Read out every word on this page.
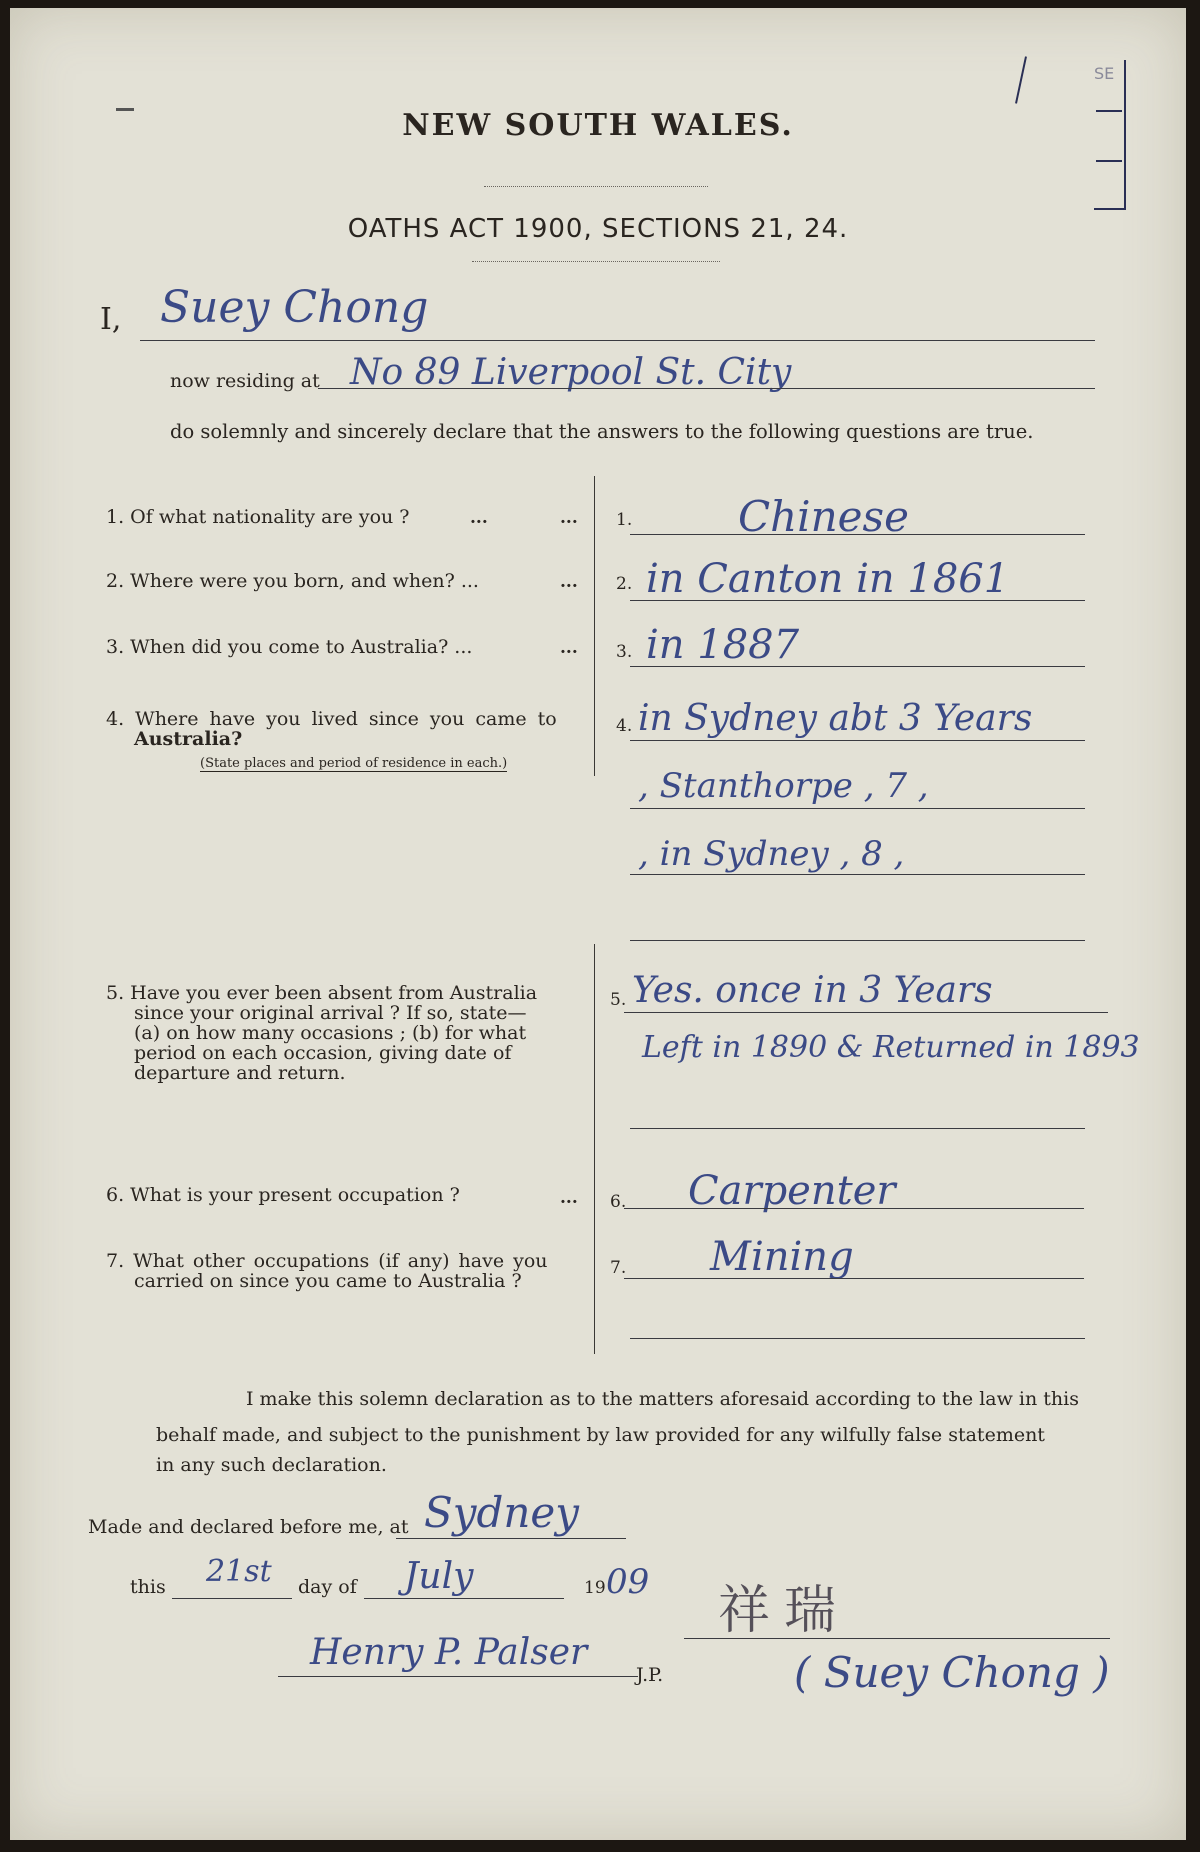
NEW SOUTH WALES.
OATHS ACT 1900, SECTIONS 21, 24.
SE
I, Suey Chong
now residing at No 89 Liverpool St. City
do solemnly and sincerely declare that the answers to the following questions are true.
1. Of what nationality are you ?	...	... 1.	Chinese
2. Where were you born, and when? ...	... 2. in Canton in 1861
3. When did you come to Australia? ...	... 3. in 1887
4. Where have you lived since you came to
Australia?
(State places and period of residence in each.)
4. in Sydney abt 3 Years
, Stanthorpe , 7 ,
, in Sydney , 8 ,
5. Have you ever been absent from Australia
since your original arrival ? If so, state—
(a) on how many occasions ; (b) for what
period on each occasion, giving date of
departure and return.
5. Yes. once in 3 Years
Left in 1890 & Returned in 1893
6. What is your present occupation ?	... 6. Carpenter
7. What other occupations (if any) have you
carried on since you came to Australia ?
7. Mining
I make this solemn declaration as to the matters aforesaid according to the law in this
behalf made, and subject to the punishment by law provided for any wilfully false statement
in any such declaration.
Made and declared before me, at Sydney
this 21st day of July	19 09
Henry P. Palser
J.P.
祥瑞
( Suey Chong )
